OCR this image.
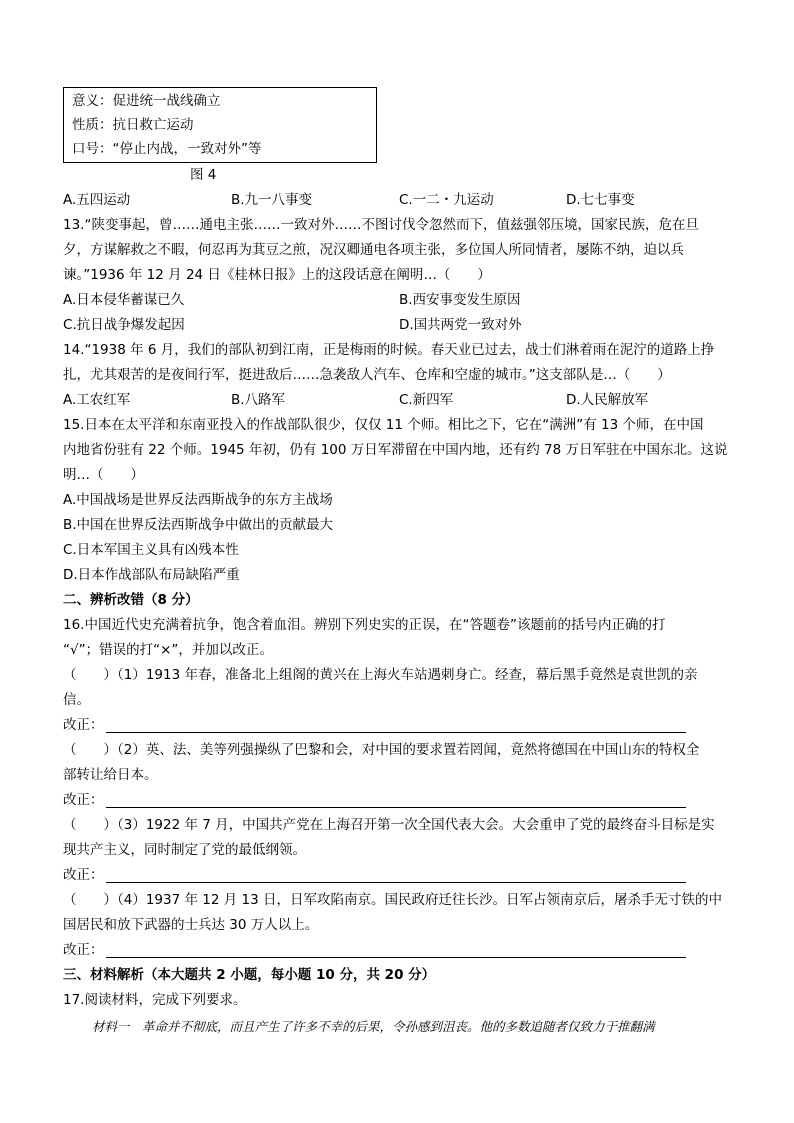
意义：促进统一战线确立
性质：抗日救亡运动
口号：“停止内战，一致对外”等
图 4
A.五四运动	B.九一八事变	C.一二・九运动	D.七七事变
13.“陕变事起，曾……通电主张……一致对外……不图讨伐令忽然而下，值兹强邻压境，国家民族，危在旦
夕，方谋解救之不暇，何忍再为萁豆之煎，况汉卿通电各项主张，多位国人所同情者，屡陈不纳，迫以兵
谏。”1936 年 12 月 24 日《桂林日报》上的这段话意在阐明…（　　）
A.日本侵华蓄谋已久	B.西安事变发生原因
C.抗日战争爆发起因	D.国共两党一致对外
14.“1938 年 6 月，我们的部队初到江南，正是梅雨的时候。春天业已过去，战士们淋着雨在泥泞的道路上挣
扎，尤其艰苦的是夜间行军，挺进敌后……急袭敌人汽车、仓库和空虚的城市。”这支部队是…（　　）
A.工农红军	B.八路军	C.新四军	D.人民解放军
15.日本在太平洋和东南亚投入的作战部队很少，仅仅 11 个师。相比之下，它在“满洲”有 13 个师，在中国
内地省份驻有 22 个师。1945 年初，仍有 100 万日军滞留在中国内地，还有约 78 万日军驻在中国东北。这说
明…（　　）
A.中国战场是世界反法西斯战争的东方主战场
B.中国在世界反法西斯战争中做出的贡献最大
C.日本军国主义具有凶残本性
D.日本作战部队布局缺陷严重
二、辨析改错（8 分）
16.中国近代史充满着抗争，饱含着血泪。辨别下列史实的正误，在“答题卷”该题前的括号内正确的打
“√”；错误的打“×”，并加以改正。
（　　）（1）1913 年春，准备北上组阁的黄兴在上海火车站遇刺身亡。经查，幕后黑手竟然是袁世凯的亲
信。
改正：
（　　）（2）英、法、美等列强操纵了巴黎和会，对中国的要求置若罔闻，竟然将德国在中国山东的特权全
部转让给日本。
改正：
（　　）（3）1922 年 7 月，中国共产党在上海召开第一次全国代表大会。大会重申了党的最终奋斗目标是实
现共产主义，同时制定了党的最低纲领。
改正：
（　　）（4）1937 年 12 月 13 日，日军攻陷南京。国民政府迁往长沙。日军占领南京后，屠杀手无寸铁的中
国居民和放下武器的士兵达 30 万人以上。
改正：
三、材料解析（本大题共 2 小题，每小题 10 分，共 20 分）
17.阅读材料，完成下列要求。
材料一　革命并不彻底，而且产生了许多不幸的后果，令孙感到沮丧。他的多数追随者仅致力于推翻满
